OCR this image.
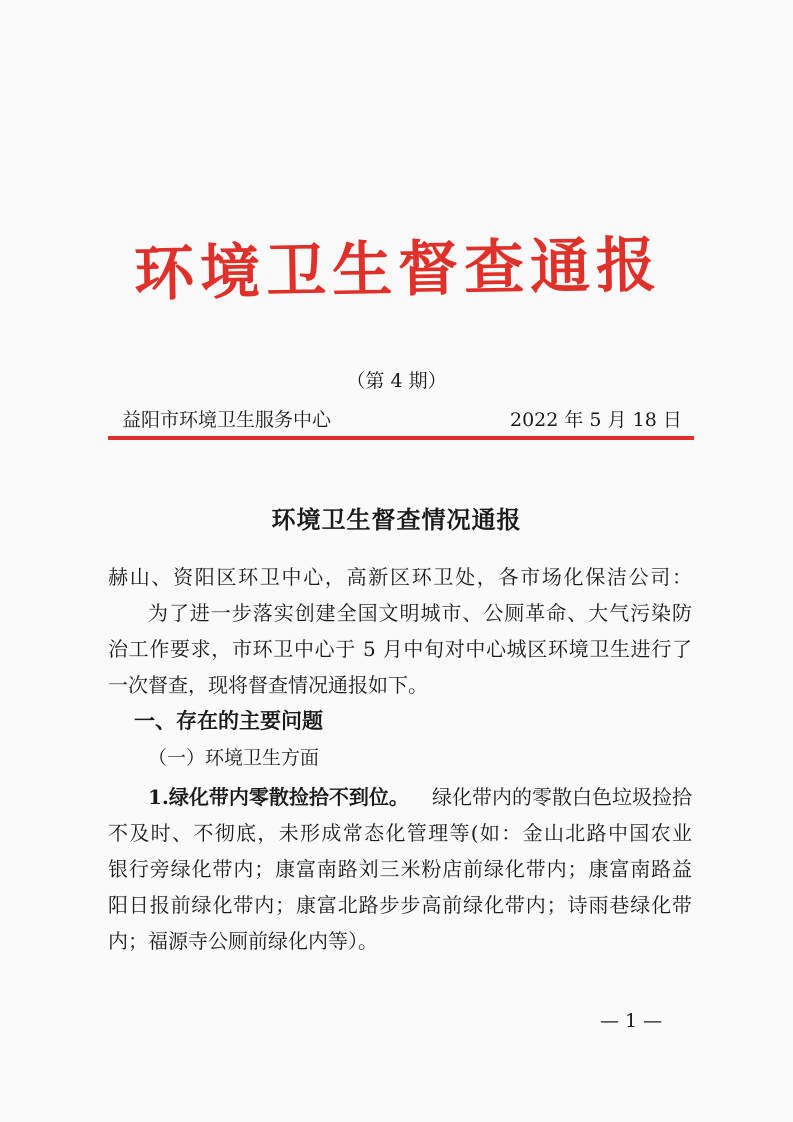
环境卫生督查通报
（第 4 期）
益阳市环境卫生服务中心	2022 年 5 月 18 日
环境卫生督查情况通报
赫山、资阳区环卫中心，高新区环卫处，各市场化保洁公司：
为了进一步落实创建全国文明城市、公厕革命、大气污染防
治工作要求，市环卫中心于 5 月中旬对中心城区环境卫生进行了
一次督查，现将督查情况通报如下。
一、存在的主要问题
（一）环境卫生方面
1.绿化带内零散捡拾不到位。 绿化带内的零散白色垃圾捡拾
不及时、不彻底，未形成常态化管理等(如：金山北路中国农业
银行旁绿化带内；康富南路刘三米粉店前绿化带内；康富南路益
阳日报前绿化带内；康富北路步步高前绿化带内；诗雨巷绿化带
内；福源寺公厕前绿化内等）。
— 1 —
